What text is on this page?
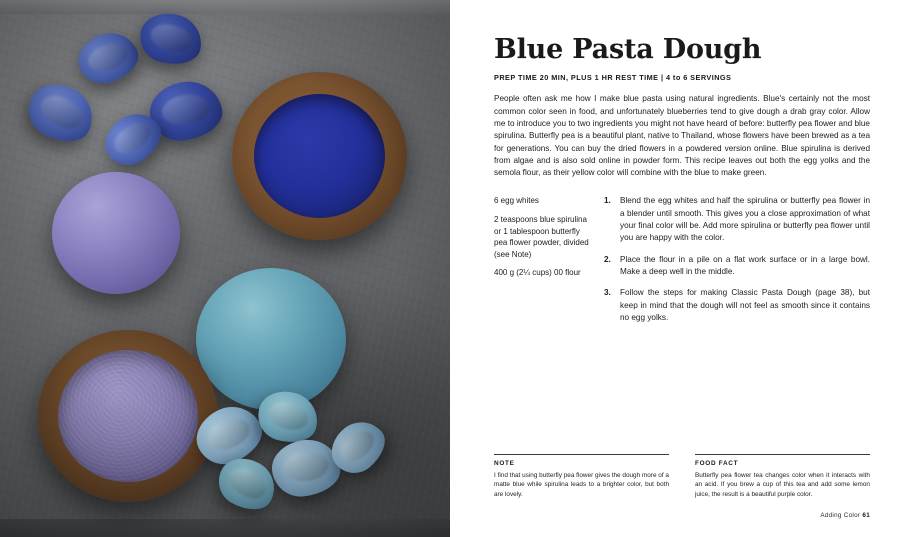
Blue Pasta Dough
PREP TIME 20 MIN, PLUS 1 HR REST TIME | 4 to 6 SERVINGS

People often ask me how I make blue pasta using natural ingredients. Blue's certainly not the most common color seen in food, and unfortunately blueberries tend to give dough a drab gray color. Allow me to introduce you to two ingredients you might not have heard of before: butterfly pea flower and blue spirulina. Butterfly pea is a beautiful plant, native to Thailand, whose flowers have been brewed as a tea for generations. You can buy the dried flowers in a powdered version online. Blue spirulina is derived from algae and is also sold online in powder form. This recipe leaves out both the egg yolks and the semola flour, as their yellow color will combine with the blue to make green.

6 egg whites
2 teaspoons blue spirulina or 1 tablespoon butterfly pea flower powder, divided (see Note)
400 g (2¼ cups) 00 flour
1. Blend the egg whites and half the spirulina or butterfly pea flower in a blender until smooth. This gives you a close approximation of what your final color will be. Add more spirulina or butterfly pea flower until you are happy with the color.
2. Place the flour in a pile on a flat work surface or in a large bowl. Make a deep well in the middle.
3. Follow the steps for making Classic Pasta Dough (page 38), but keep in mind that the dough will not feel as smooth since it contains no egg yolks.
NOTE
I find that using butterfly pea flower gives the dough more of a matte blue while spirulina leads to a brighter color, but both are lovely.
FOOD FACT
Butterfly pea flower tea changes color when it interacts with an acid. If you brew a cup of this tea and add some lemon juice, the result is a beautiful purple color.
Adding Color 61
